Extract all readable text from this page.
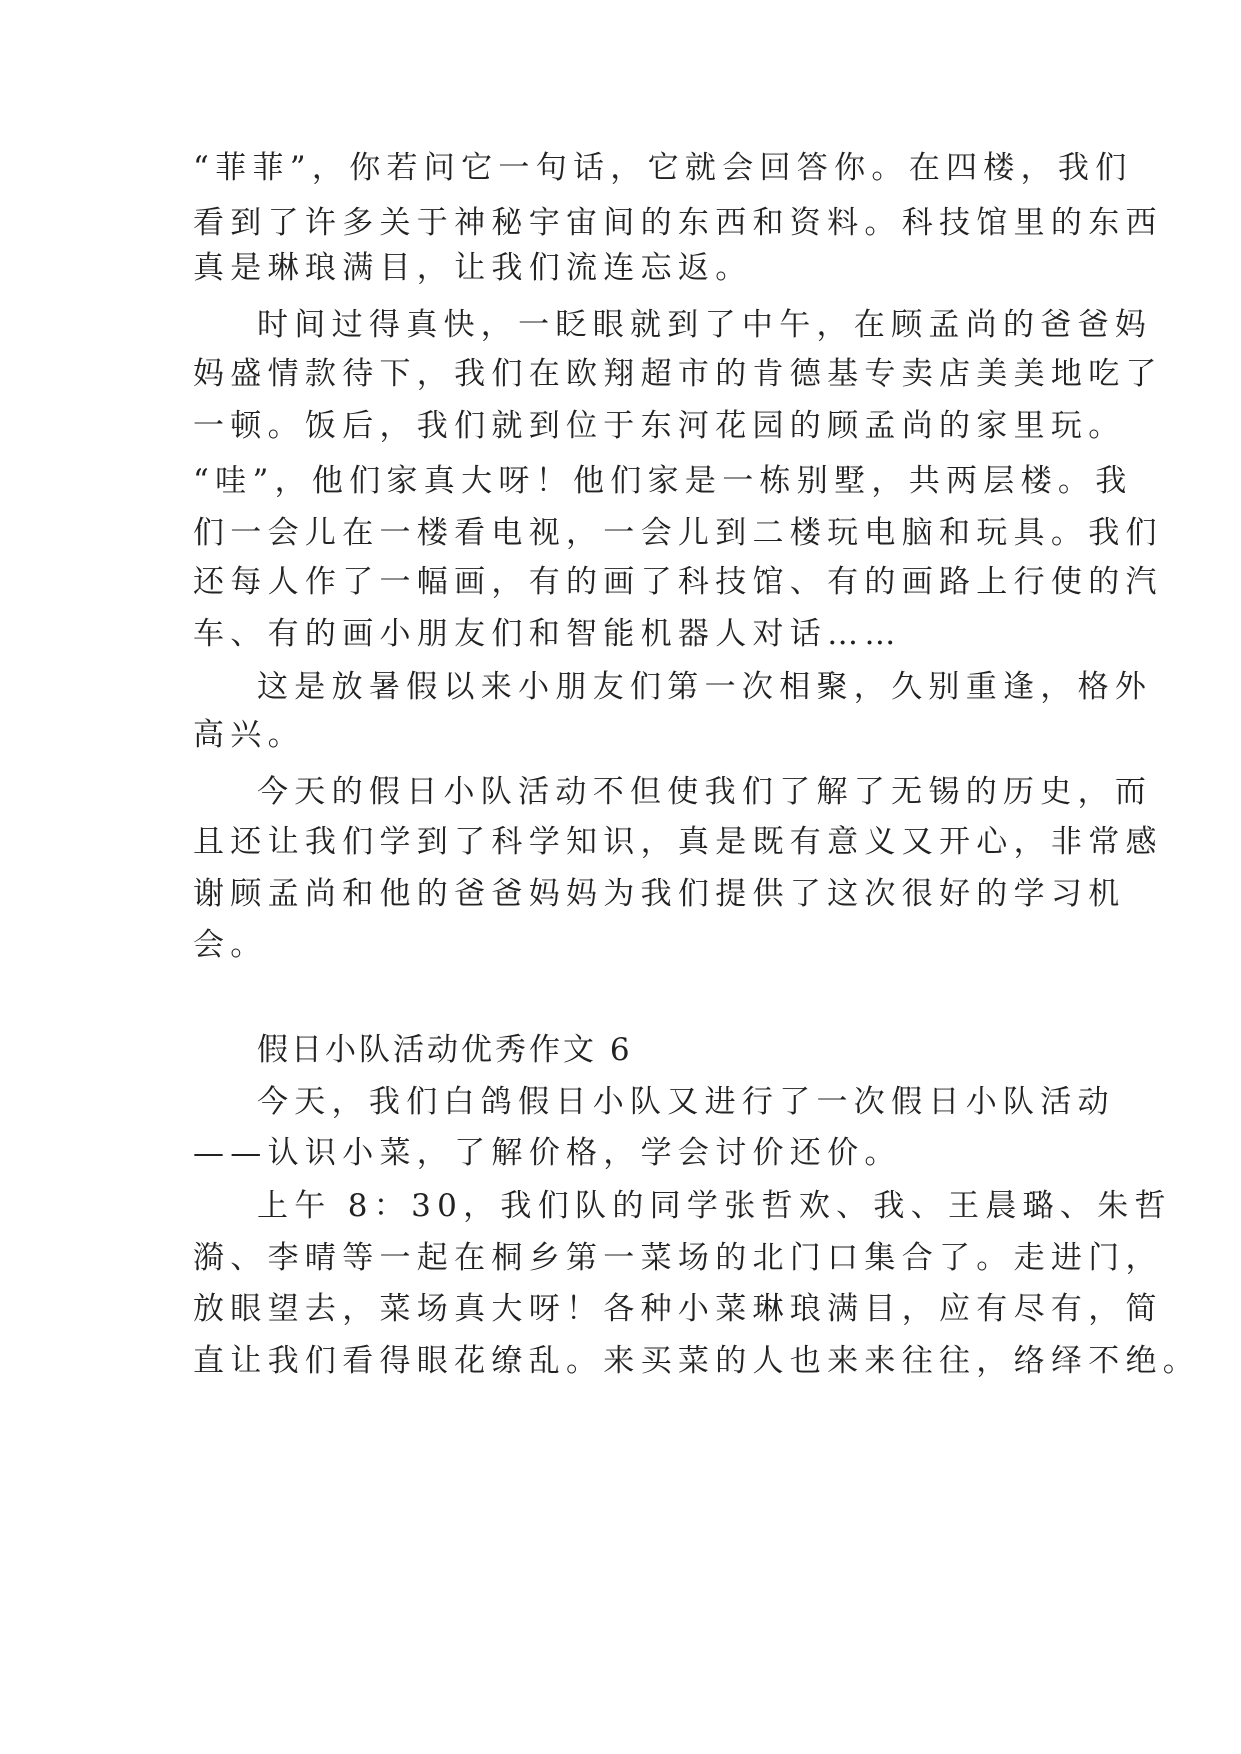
“菲菲”，你若问它一句话，它就会回答你。在四楼，我们
看到了许多关于神秘宇宙间的东西和资料。科技馆里的东西
真是琳琅满目，让我们流连忘返。
时间过得真快，一眨眼就到了中午，在顾孟尚的爸爸妈
妈盛情款待下，我们在欧翔超市的肯德基专卖店美美地吃了
一顿。饭后，我们就到位于东河花园的顾孟尚的家里玩。
“哇”，他们家真大呀！他们家是一栋别墅，共两层楼。我
们一会儿在一楼看电视，一会儿到二楼玩电脑和玩具。我们
还每人作了一幅画，有的画了科技馆、有的画路上行使的汽
车、有的画小朋友们和智能机器人对话……
这是放暑假以来小朋友们第一次相聚，久别重逢，格外
高兴。
今天的假日小队活动不但使我们了解了无锡的历史，而
且还让我们学到了科学知识，真是既有意义又开心，非常感
谢顾孟尚和他的爸爸妈妈为我们提供了这次很好的学习机
会。
假日小队活动优秀作文 6
今天，我们白鸽假日小队又进行了一次假日小队活动
——认识小菜，了解价格，学会讨价还价。
上午 8：30，我们队的同学张哲欢、我、王晨璐、朱哲
漪、李晴等一起在桐乡第一菜场的北门口集合了。走进门，
放眼望去，菜场真大呀！各种小菜琳琅满目，应有尽有，简
直让我们看得眼花缭乱。来买菜的人也来来往往，络绎不绝。
